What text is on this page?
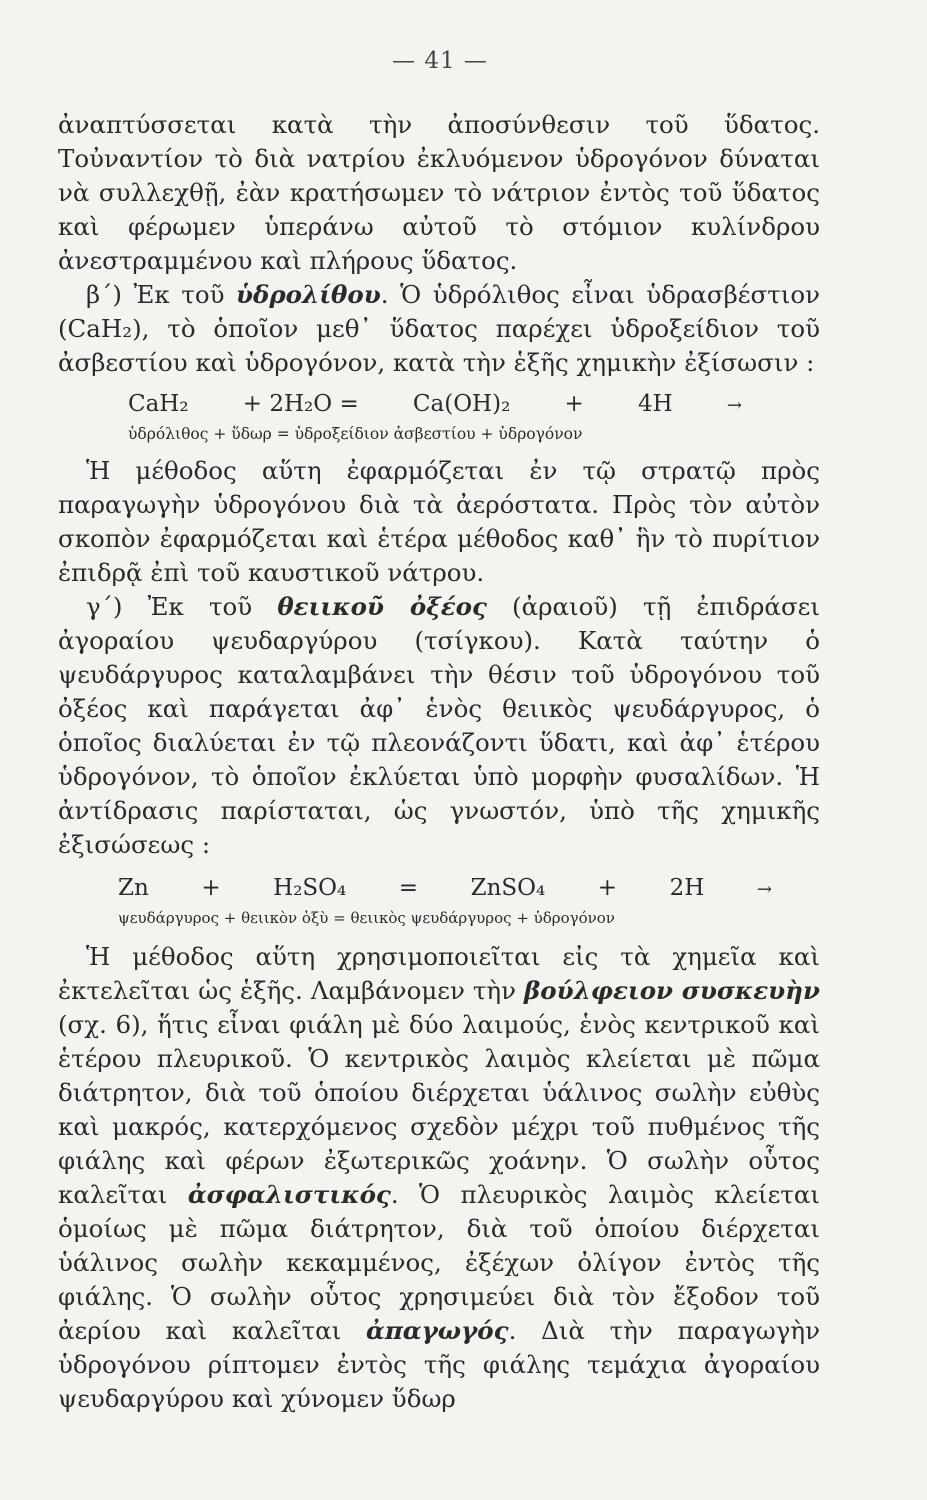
— 41 —

ἀναπτύσσεται κατὰ τὴν ἀποσύνθεσιν τοῦ ὕδατος. Τοὐναντίον τὸ διὰ νατρίου ἐκλυόμενον ὑδρογόνον δύναται νὰ συλλεχθῇ, ἐὰν κρατήσωμεν τὸ νάτριον ἐντὸς τοῦ ὕδατος καὶ φέρωμεν ὑπεράνω αὐτοῦ τὸ στόμιον κυλίνδρου ἀνεστραμμένου καὶ πλήρους ὕδατος.

β΄) Ἐκ τοῦ ὑδρολίθου. Ὁ ὑδρόλιθος εἶναι ὑδρασβέστιον (CaH₂), τὸ ὁποῖον μεθ᾽ ὕδατος παρέχει ὑδροξείδιον τοῦ ἀσβεστίου καὶ ὑδρογόνον, κατὰ τὴν ἑξῆς χημικὴν ἐξίσωσιν :

CaH₂ + 2H₂O = Ca(OH)₂ + 4H	→
ὑδρόλιθος + ὕδωρ = ὑδροξείδιον ἀσβεστίου + ὑδρογόνον

Ἡ μέθοδος αὕτη ἐφαρμόζεται ἐν τῷ στρατῷ πρὸς παραγωγὴν ὑδρογόνου διὰ τὰ ἀερόστατα. Πρὸς τὸν αὐτὸν σκοπὸν ἐφαρμόζεται καὶ ἑτέρα μέθοδος καθ᾽ ἣν τὸ πυρίτιον ἐπιδρᾷ ἐπὶ τοῦ καυστικοῦ νάτρου.

γ΄) Ἐκ τοῦ θειικοῦ ὀξέος (ἀραιοῦ) τῇ ἐπιδράσει ἀγοραίου ψευδαργύρου (τσίγκου). Κατὰ ταύτην ὁ ψευδάργυρος καταλαμβάνει τὴν θέσιν τοῦ ὑδρογόνου τοῦ ὀξέος καὶ παράγεται ἀφ᾽ ἑνὸς θειικὸς ψευδάργυρος, ὁ ὁποῖος διαλύεται ἐν τῷ πλεονάζοντι ὕδατι, καὶ ἀφ᾽ ἑτέρου ὑδρογόνον, τὸ ὁποῖον ἐκλύεται ὑπὸ μορφὴν φυσαλίδων. Ἡ ἀντίδρασις παρίσταται, ὡς γνωστόν, ὑπὸ τῆς χημικῆς ἐξισώσεως :

Zn + H₂SO₄ = ZnSO₄ + 2H	→
ψευδάργυρος + θειικὸν ὀξὺ = θειικὸς ψευδάργυρος + ὑδρογόνον

Ἡ μέθοδος αὕτη χρησιμοποιεῖται εἰς τὰ χημεῖα καὶ ἐκτελεῖται ὡς ἑξῆς. Λαμβάνομεν τὴν βούλφειον συσκευὴν (σχ. 6), ἥτις εἶναι φιάλη μὲ δύο λαιμούς, ἑνὸς κεντρικοῦ καὶ ἑτέρου πλευρικοῦ. Ὁ κεντρικὸς λαιμὸς κλείεται μὲ πῶμα διάτρητον, διὰ τοῦ ὁποίου διέρχεται ὑάλινος σωλὴν εὐθὺς καὶ μακρός, κατερχόμενος σχεδὸν μέχρι τοῦ πυθμένος τῆς φιάλης καὶ φέρων ἐξωτερικῶς χοάνην. Ὁ σωλὴν οὗτος καλεῖται ἀσφαλιστικός. Ὁ πλευρικὸς λαιμὸς κλείεται ὁμοίως μὲ πῶμα διάτρητον, διὰ τοῦ ὁποίου διέρχεται ὑάλινος σωλὴν κεκαμμένος, ἐξέχων ὀλίγον ἐντὸς τῆς φιάλης. Ὁ σωλὴν οὗτος χρησιμεύει διὰ τὸν ἔξοδον τοῦ ἀερίου καὶ καλεῖται ἀπαγωγός. Διὰ τὴν παραγωγὴν ὑδρογόνου ρίπτομεν ἐντὸς τῆς φιάλης τεμάχια ἀγοραίου ψευδαργύρου καὶ χύνομεν ὕδωρ
